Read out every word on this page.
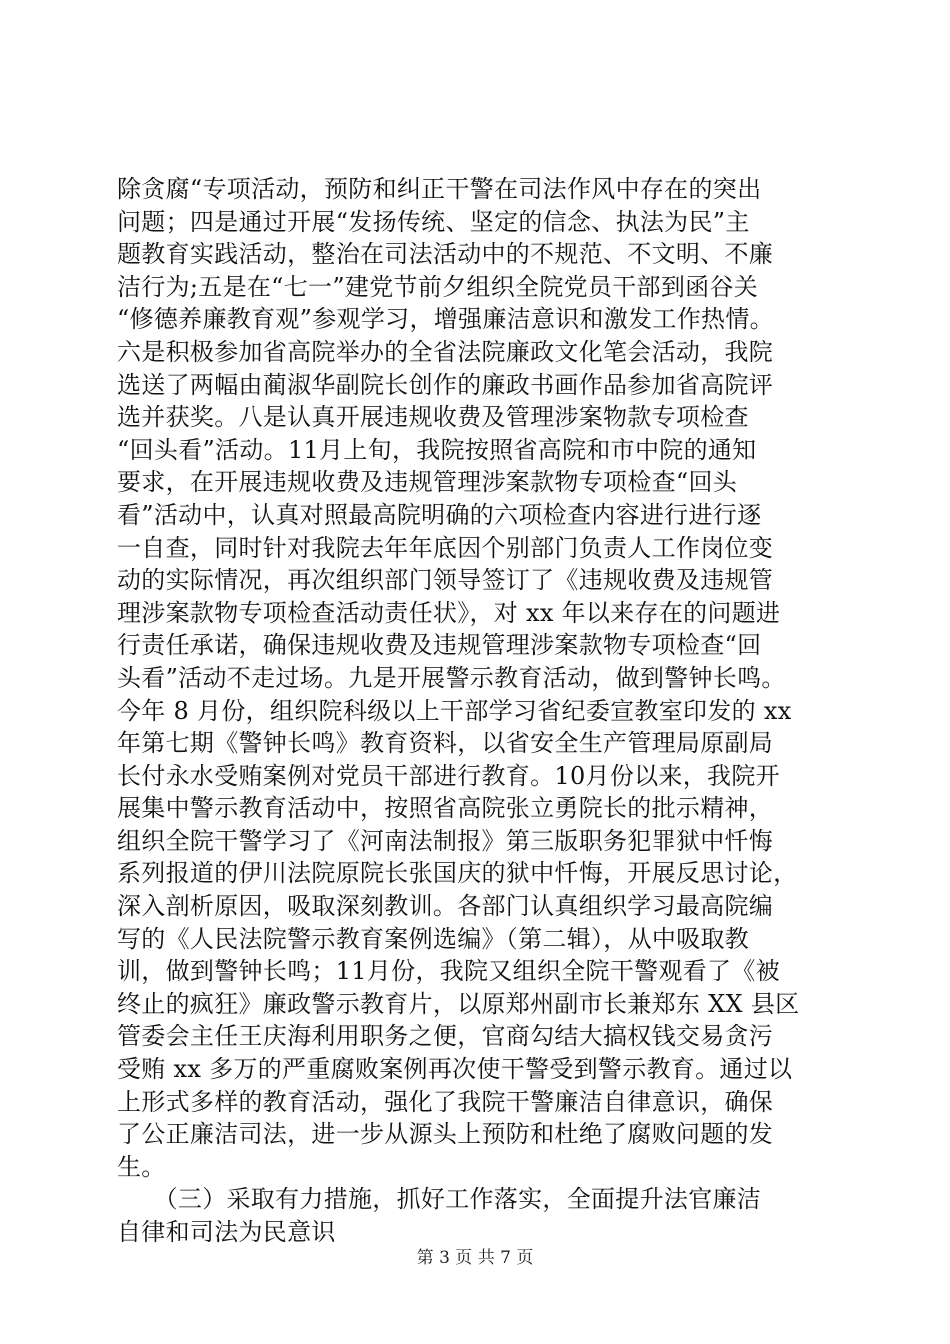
除贪腐“专项活动，预防和纠正干警在司法作风中存在的突出
问题；四是通过开展“发扬传统、坚定的信念、执法为民”主
题教育实践活动，整治在司法活动中的不规范、不文明、不廉
洁行为;五是在“七一”建党节前夕组织全院党员干部到函谷关
“修德养廉教育观”参观学习，增强廉洁意识和激发工作热情。
六是积极参加省高院举办的全省法院廉政文化笔会活动，我院
选送了两幅由蔺淑华副院长创作的廉政书画作品参加省高院评
选并获奖。八是认真开展违规收费及管理涉案物款专项检查
“回头看”活动。11月上旬，我院按照省高院和市中院的通知
要求，在开展违规收费及违规管理涉案款物专项检查“回头
看”活动中，认真对照最高院明确的六项检查内容进行进行逐
一自查，同时针对我院去年年底因个别部门负责人工作岗位变
动的实际情况，再次组织部门领导签订了《违规收费及违规管
理涉案款物专项检查活动责任状》，对 xx 年以来存在的问题进
行责任承诺，确保违规收费及违规管理涉案款物专项检查“回
头看”活动不走过场。九是开展警示教育活动，做到警钟长鸣。
今年 8 月份，组织院科级以上干部学习省纪委宣教室印发的 xx
年第七期《警钟长鸣》教育资料，以省安全生产管理局原副局
长付永水受贿案例对党员干部进行教育。10月份以来，我院开
展集中警示教育活动中，按照省高院张立勇院长的批示精神，
组织全院干警学习了《河南法制报》第三版职务犯罪狱中忏悔
系列报道的伊川法院原院长张国庆的狱中忏悔，开展反思讨论，
深入剖析原因，吸取深刻教训。各部门认真组织学习最高院编
写的《人民法院警示教育案例选编》（第二辑），从中吸取教
训，做到警钟长鸣；11月份，我院又组织全院干警观看了《被
终止的疯狂》廉政警示教育片，以原郑州副市长兼郑东 XX 县区
管委会主任王庆海利用职务之便，官商勾结大搞权钱交易贪污
受贿 xx 多万的严重腐败案例再次使干警受到警示教育。通过以
上形式多样的教育活动，强化了我院干警廉洁自律意识，确保
了公正廉洁司法，进一步从源头上预防和杜绝了腐败问题的发
生。
　　（三）采取有力措施，抓好工作落实，全面提升法官廉洁
自律和司法为民意识
第 3 页 共 7 页
